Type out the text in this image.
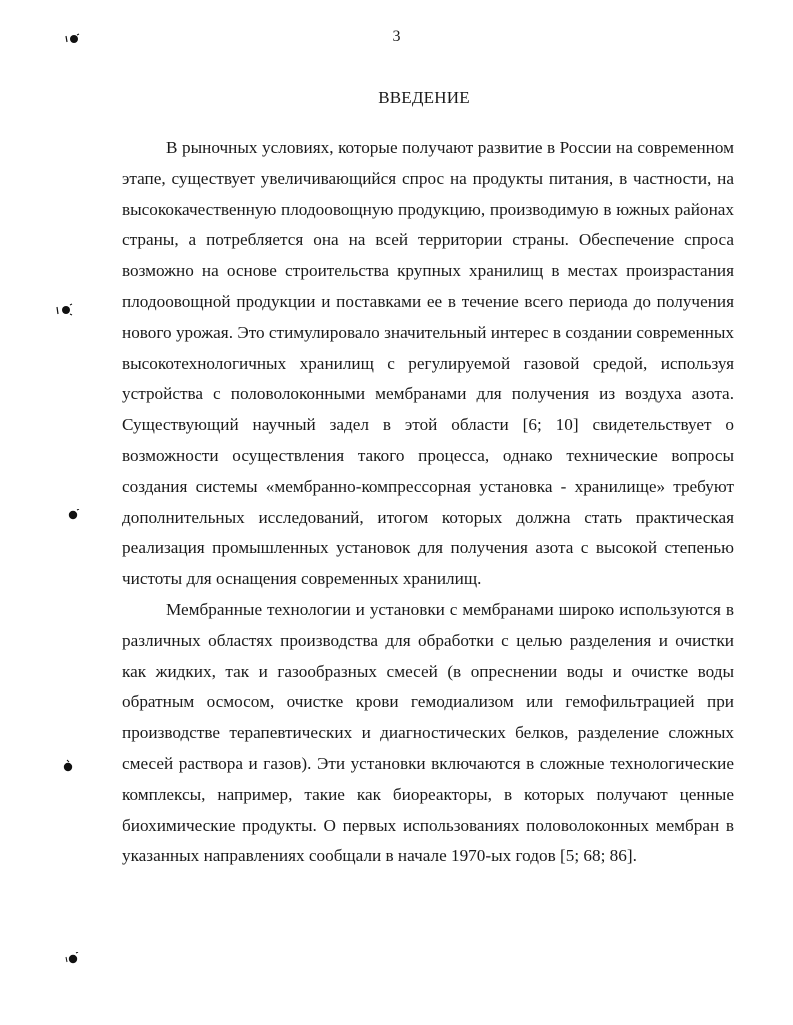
3
ВВЕДЕНИЕ

В рыночных условиях, которые получают развитие в России на современном этапе, существует увеличивающийся спрос на продукты питания, в частности, на высококачественную плодоовощную продукцию, производимую в южных районах страны, а потребляется она на всей территории страны. Обеспечение спроса возможно на основе строительства крупных хранилищ в местах произрастания плодоовощной продукции и поставками ее в течение всего периода до получения нового урожая. Это стимулировало значительный интерес в создании современных высокотехнологичных хранилищ с регулируемой газовой средой, используя устройства с половолоконными мембранами для получения из воздуха азота. Существующий научный задел в этой области [6; 10] свидетельствует о возможности осуществления такого процесса, однако технические вопросы создания системы «мембранно-компрессорная установка - хранилище» требуют дополнительных исследований, итогом которых должна стать практическая реализация промышленных установок для получения азота с высокой степенью чистоты для оснащения современных хранилищ.

Мембранные технологии и установки с мембранами широко используются в различных областях производства для обработки с целью разделения и очистки как жидких, так и газообразных смесей (в опреснении воды и очистке воды обратным осмосом, очистке крови гемодиализом или гемофильтрацией при производстве терапевтических и диагностических белков, разделение сложных смесей раствора и газов). Эти установки включаются в сложные технологические комплексы, например, такие как биореакторы, в которых получают ценные биохимические продукты. О первых использованиях половолоконных мембран в указанных направлениях сообщали в начале 1970-ых годов [5; 68; 86].
